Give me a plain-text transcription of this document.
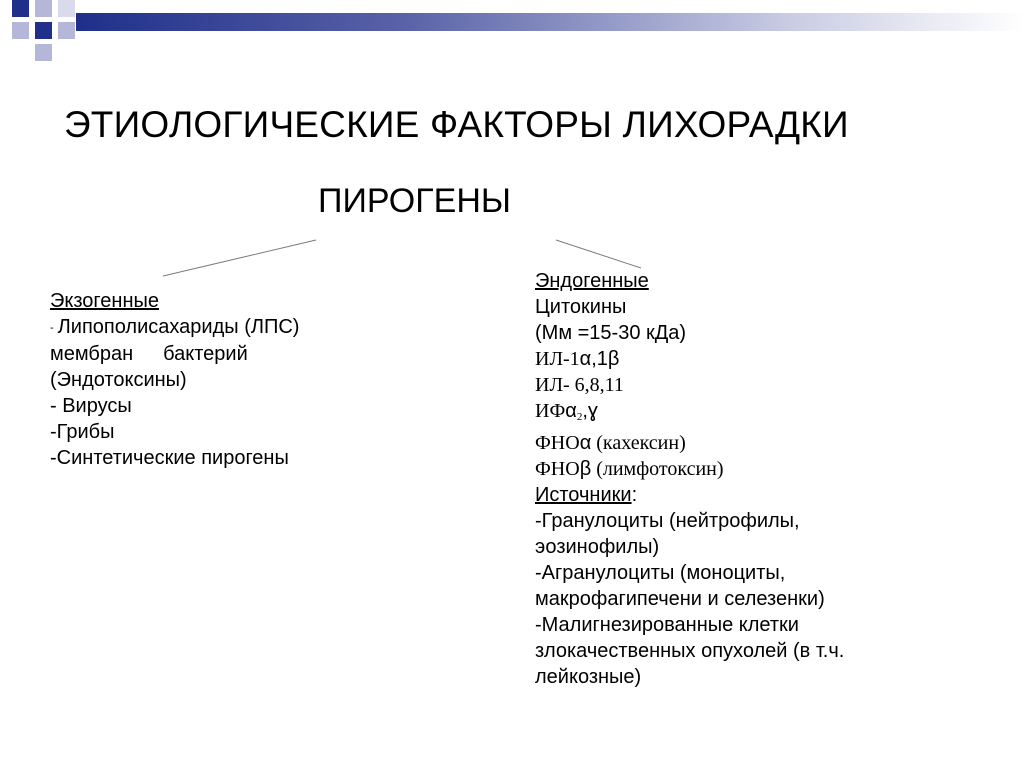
ЭТИОЛОГИЧЕСКИЕ ФАКТОРЫ ЛИХОРАДКИ
ПИРОГЕНЫ
Экзогенные
- Липополисахариды (ЛПС)
мембран бактерий
(Эндотоксины)
- Вирусы
-Грибы
-Синтетические пирогены
Эндогенные
Цитокины
(Мм =15-30 кДа)
ИЛ-1α,1β
ИЛ- 6,8,11
ИФα$_2$,ɣ
ФНОα (кахексин)
ФНОβ (лимфотоксин)
Источники:
-Гранулоциты (нейтрофилы,
эозинофилы)
-Агранулоциты (моноциты,
макрофагипечени и селезенки)
-Малигнезированные клетки
злокачественных опухолей (в т.ч.
лейкозные)
